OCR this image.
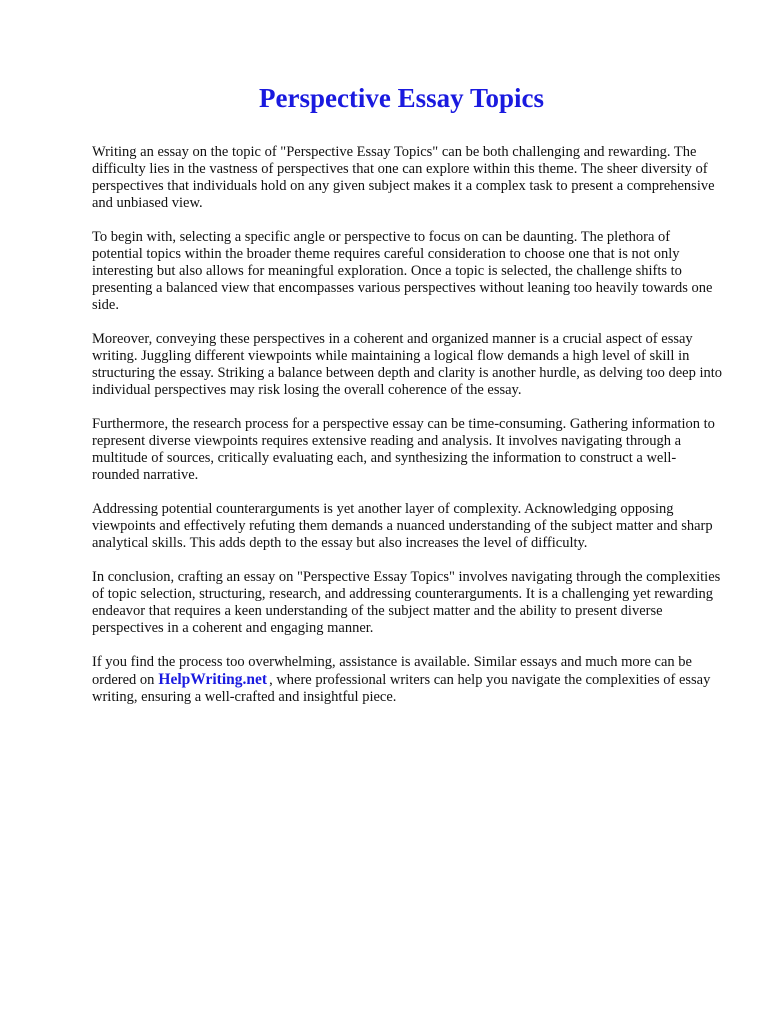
Perspective Essay Topics

Writing an essay on the topic of "Perspective Essay Topics" can be both challenging and rewarding. The difficulty lies in the vastness of perspectives that one can explore within this theme. The sheer diversity of perspectives that individuals hold on any given subject makes it a complex task to present a comprehensive and unbiased view.

To begin with, selecting a specific angle or perspective to focus on can be daunting. The plethora of potential topics within the broader theme requires careful consideration to choose one that is not only interesting but also allows for meaningful exploration. Once a topic is selected, the challenge shifts to presenting a balanced view that encompasses various perspectives without leaning too heavily towards one side.

Moreover, conveying these perspectives in a coherent and organized manner is a crucial aspect of essay writing. Juggling different viewpoints while maintaining a logical flow demands a high level of skill in structuring the essay. Striking a balance between depth and clarity is another hurdle, as delving too deep into individual perspectives may risk losing the overall coherence of the essay.

Furthermore, the research process for a perspective essay can be time-consuming. Gathering information to represent diverse viewpoints requires extensive reading and analysis. It involves navigating through a multitude of sources, critically evaluating each, and synthesizing the information to construct a well-rounded narrative.

Addressing potential counterarguments is yet another layer of complexity. Acknowledging opposing viewpoints and effectively refuting them demands a nuanced understanding of the subject matter and sharp analytical skills. This adds depth to the essay but also increases the level of difficulty.

In conclusion, crafting an essay on "Perspective Essay Topics" involves navigating through the complexities of topic selection, structuring, research, and addressing counterarguments. It is a challenging yet rewarding endeavor that requires a keen understanding of the subject matter and the ability to present diverse perspectives in a coherent and engaging manner.

If you find the process too overwhelming, assistance is available. Similar essays and much more can be ordered on HelpWriting.net , where professional writers can help you navigate the complexities of essay writing, ensuring a well-crafted and insightful piece.
